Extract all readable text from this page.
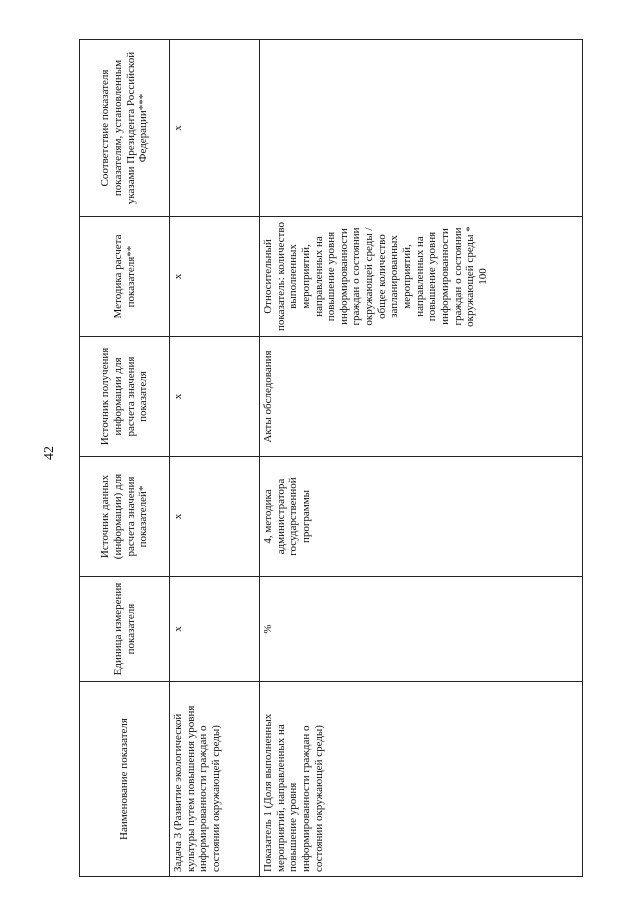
42
Наименование показателя	Единица измерения показателя	Источник данных (информации) для расчета значения показателей*	Источник получения информации для расчета значения показателя	Методика расчета показателя**	Соответствие показателя показателям, установленным указами Президента Российской Федерации***
Задача 3 (Развитие экологической культуры путем повышения уровня информированности граждан о состоянии окружающей среды)	x	x	x	x	x
Показатель 1 (Доля выполненных мероприятий, направленных на повышение уровня информированности граждан о состоянии окружающей среды)	%	4, методика администратора государственной программы	Акты обследования	Относительный показатель: количество выполненных мероприятий, направленных на повышение уровня информированности граждан о состоянии окружающей среды / общее количество запланированных мероприятий, направленных на повышение уровня информированности граждан о состоянии окружающей среды * 100	
